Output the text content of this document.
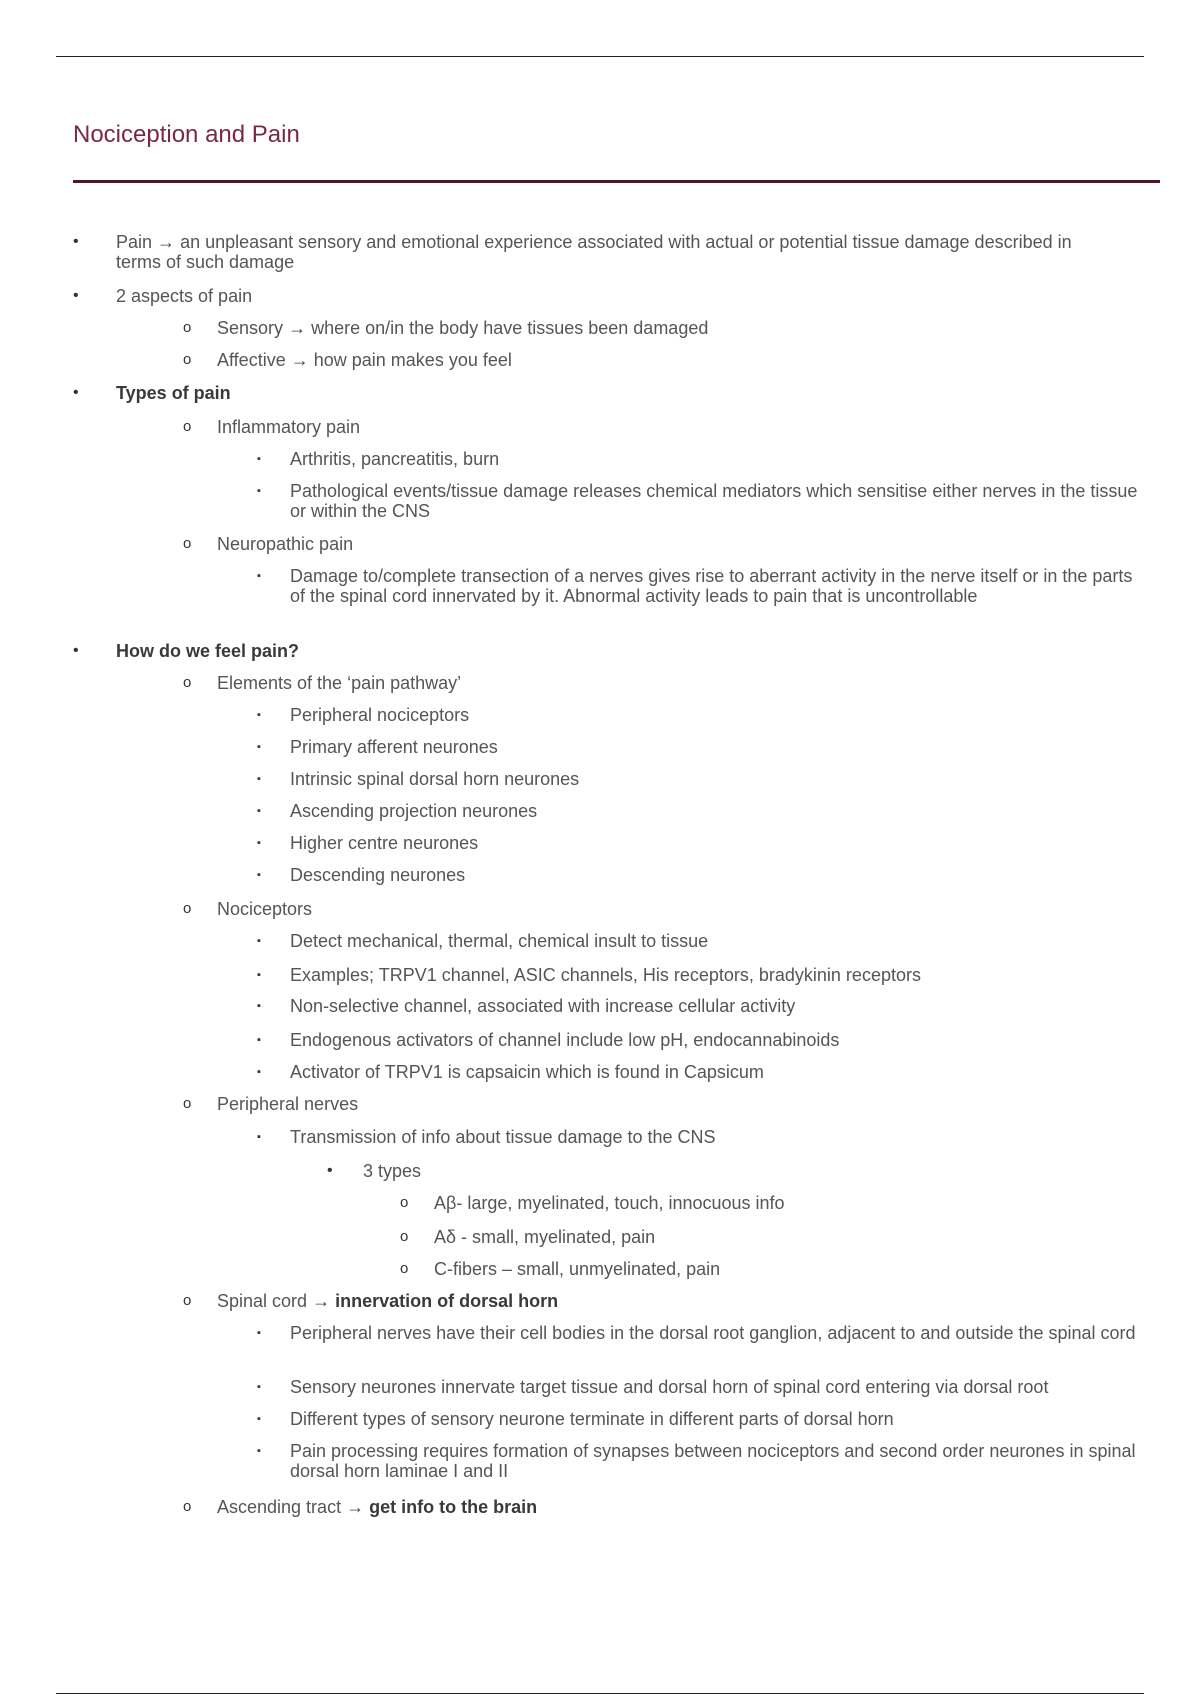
Nociception and Pain
• Pain → an unpleasant sensory and emotional experience associated with actual or potential tissue damage described in terms of such damage
• 2 aspects of pain
o Sensory → where on/in the body have tissues been damaged
o Affective → how pain makes you feel
• Types of pain
o Inflammatory pain
▪ Arthritis, pancreatitis, burn
▪ Pathological events/tissue damage releases chemical mediators which sensitise either nerves in the tissue or within the CNS
o Neuropathic pain
▪ Damage to/complete transection of a nerves gives rise to aberrant activity in the nerve itself or in the parts of the spinal cord innervated by it. Abnormal activity leads to pain that is uncontrollable
• How do we feel pain?
o Elements of the ‘pain pathway’
▪ Peripheral nociceptors
▪ Primary afferent neurones
▪ Intrinsic spinal dorsal horn neurones
▪ Ascending projection neurones
▪ Higher centre neurones
▪ Descending neurones
o Nociceptors
▪ Detect mechanical, thermal, chemical insult to tissue
▪ Examples; TRPV1 channel, ASIC channels, His receptors, bradykinin receptors
▪ Non-selective channel, associated with increase cellular activity
▪ Endogenous activators of channel include low pH, endocannabinoids
▪ Activator of TRPV1 is capsaicin which is found in Capsicum
o Peripheral nerves
▪ Transmission of info about tissue damage to the CNS
• 3 types
o Aβ- large, myelinated, touch, innocuous info
o Aδ - small, myelinated, pain
o C-fibers – small, unmyelinated, pain
o Spinal cord → innervation of dorsal horn
▪ Peripheral nerves have their cell bodies in the dorsal root ganglion, adjacent to and outside the spinal cord
▪ Sensory neurones innervate target tissue and dorsal horn of spinal cord entering via dorsal root
▪ Different types of sensory neurone terminate in different parts of dorsal horn
▪ Pain processing requires formation of synapses between nociceptors and second order neurones in spinal dorsal horn laminae I and II
o Ascending tract → get info to the brain
